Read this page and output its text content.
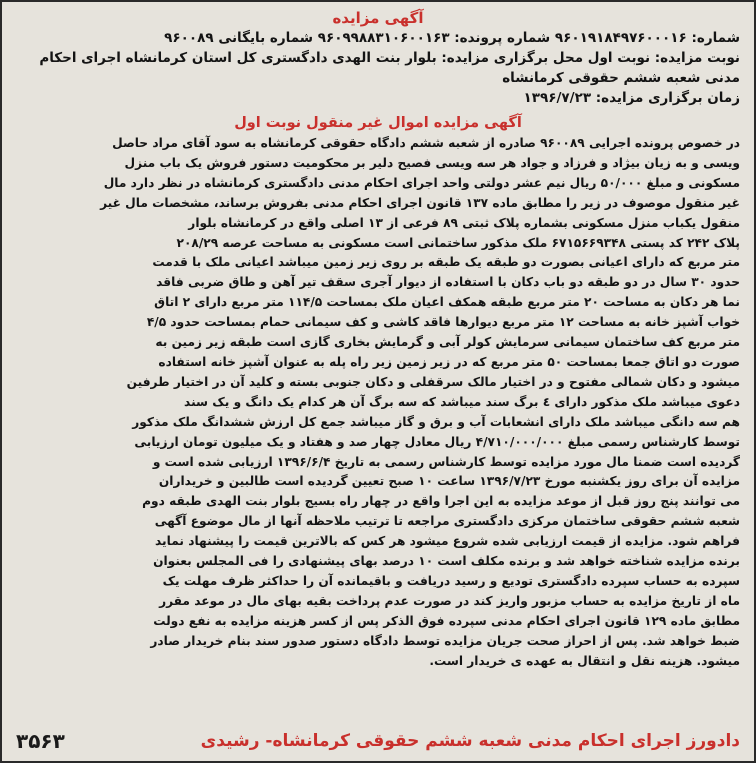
آگهی مزایده
شماره: ۹۶۰۱۹۱۸۴۹۷۶۰۰۰۱۶ شماره پرونده: ۹۶۰۹۹۸۸۳۱۰۶۰۰۱۶۳ شماره بایگانی ۹۶۰۰۸۹
نوبت مزایده: نوبت اول محل برگزاری مزایده: بلوار بنت الهدی دادگستری کل استان کرمانشاه اجرای احکام
مدنی شعبه ششم حقوقی کرمانشاه
زمان برگزاری مزایده: ۱۳۹۶/۷/۲۳
آگهی مزایده اموال غیر منقول نوبت اول
در خصوص پرونده اجرایی ۹۶۰۰۸۹ صادره از شعبه ششم دادگاه حقوقی کرمانشاه به سود آقای مراد حاصل
ویسی و به زیان بیژاد و فرزاد و جواد هر سه ویسی فصیح دلیر بر محکومیت دستور فروش یک باب منزل
مسکونی و مبلغ ۵۰/۰۰۰ ریال نیم عشر دولتی واحد اجرای احکام مدنی دادگستری کرمانشاه در نظر دارد مال
غیر منقول موصوف در زیر را مطابق ماده ۱۳۷ قانون اجرای احکام مدنی بفروش برساند، مشخصات مال غیر
منقول یکباب منزل مسکونی بشماره پلاک ثبتی ۸۹ فرعی از ۱۳ اصلی واقع در کرمانشاه بلوار
پلاک ۲۴۲ کد پستی ۶۷۱۵۶۶۹۳۴۸ ملک مذکور ساختمانی است مسکونی به مساحت عرصه ۲۰۸/۲۹
متر مربع که دارای اعیانی بصورت دو طبقه یک طبقه بر روی زیر زمین میباشد اعیانی ملک با قدمت
حدود ۳۰ سال در دو طبقه دو باب دکان با استفاده از دیوار آجری سقف تیر آهن و طاق ضربی فاقد
نما هر دکان به مساحت ۲۰ متر مربع طبقه همکف اعیان ملک بمساحت ۱۱۴/۵ متر مربع دارای ۲ اتاق
خواب آشپز خانه به مساحت ۱۲ متر مربع دیوارها فاقد کاشی و کف سیمانی حمام بمساحت حدود ۴/۵
متر مربع کف ساختمان سیمانی سرمایش کولر آبی و گرمایش بخاری گازی است طبقه زیر زمین به
صورت دو اتاق جمعا بمساحت ۵۰ متر مربع که در زیر زمین زیر راه پله به عنوان آشپز خانه استفاده
میشود و دکان شمالی مفتوح و در اختیار مالک سرقفلی و دکان جنوبی بسته و کلید آن در اختیار طرفین
دعوی میباشد ملک مذکور دارای ٤ برگ سند میباشد که سه برگ آن هر کدام یک دانگ و یک سند
هم سه دانگی میباشد ملک دارای انشعابات آب و برق و گاز میباشد جمع کل ارزش ششدانگ ملک مذکور
توسط کارشناس رسمی مبلغ ۴/۷۱۰/۰۰۰/۰۰۰ ریال معادل چهار صد و هفتاد و یک میلیون تومان ارزیابی
گردیده است ضمنا مال مورد مزایده توسط کارشناس رسمی به تاریخ ۱۳۹۶/۶/۴ ارزیابی شده است و
مزایده آن برای روز یکشنبه مورخ ۱۳۹۶/۷/۲۳ ساعت ۱۰ صبح تعیین گردیده است طالبین و خریداران
می توانند پنج روز قبل از موعد مزایده به این اجرا واقع در چهار راه بسیج بلوار بنت الهدی طبقه دوم
شعبه ششم حقوقی ساختمان مرکزی دادگستری مراجعه تا ترتیب ملاحظه آنها از مال موضوع آگهی
فراهم شود. مزایده از قیمت ارزیابی شده شروع میشود هر کس که بالاترین قیمت را پیشنهاد نماید
برنده مزایده شناخته خواهد شد و برنده مکلف است ۱۰ درصد بهای پیشنهادی را فی المجلس بعنوان
سپرده به حساب سپرده دادگستری تودیع و رسید دریافت و باقیمانده آن را حداکثر ظرف مهلت یک
ماه از تاریخ مزایده به حساب مزبور واریز کند در صورت عدم پرداخت بقیه بهای مال در موعد مقرر
مطابق ماده ۱۲۹ قانون اجرای احکام مدنی سپرده فوق الذکر پس از کسر هزینه مزایده به نفع دولت
ضبط خواهد شد. پس از احراز صحت جریان مزایده توسط دادگاه دستور صدور سند بنام خریدار صادر
میشود. هزینه نقل و انتقال به عهده ی خریدار است.
دادورز اجرای احکام مدنی شعبه ششم حقوقی کرمانشاه- رشیدی
۳۵۶۳
